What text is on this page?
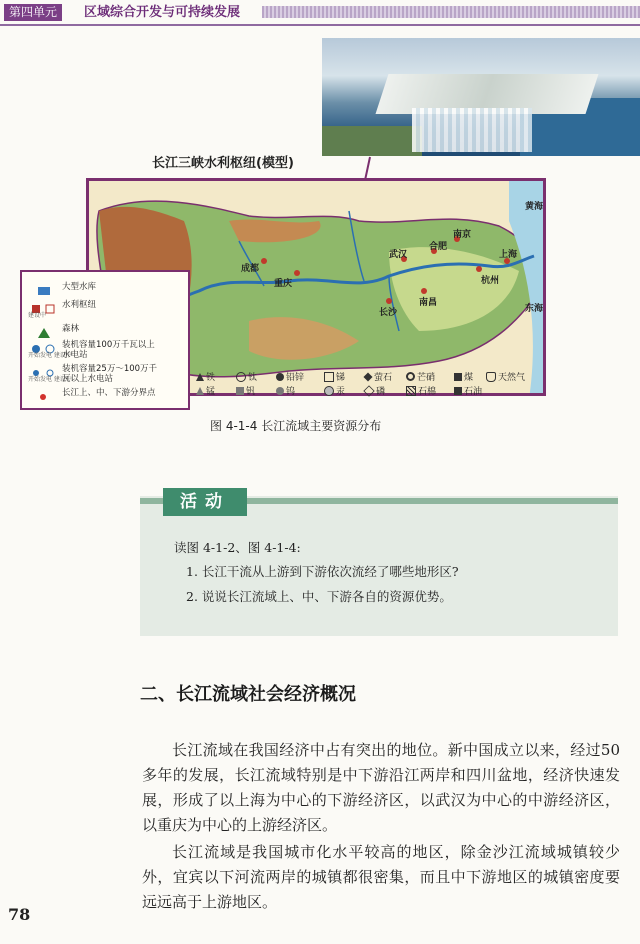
第四单元	区域综合开发与可持续发展
长江三峡水利枢纽(模型)
黄海
东海
成都
重庆
武汉
合肥
南京
杭州
上海
长沙
南昌
大型水库
建设中
水利枢纽
森林
开始发电 建设中
装机容量100万千瓦以上水电站
开始发电 建设中
装机容量25万～100万千瓦以上水电站
长江上、中、下游分界点
铁	钛	铅锌	锑	萤石	芒硝	煤	天然气
锰	钒	钨	汞	磷	石棉	石油
图 4-1-4 长江流域主要资源分布
活动
读图 4-1-2、图 4-1-4:
1. 长江干流从上游到下游依次流经了哪些地形区?
2. 说说长江流域上、中、下游各自的资源优势。
二、长江流域社会经济概况
长江流域在我国经济中占有突出的地位。新中国成立以来，经过50多年的发展，长江流域特别是中下游沿江两岸和四川盆地，经济快速发展，形成了以上海为中心的下游经济区，以武汉为中心的中游经济区，以重庆为中心的上游经济区。
长江流域是我国城市化水平较高的地区，除金沙江流域城镇较少外，宜宾以下河流两岸的城镇都很密集，而且中下游地区的城镇密度要远远高于上游地区。
78
